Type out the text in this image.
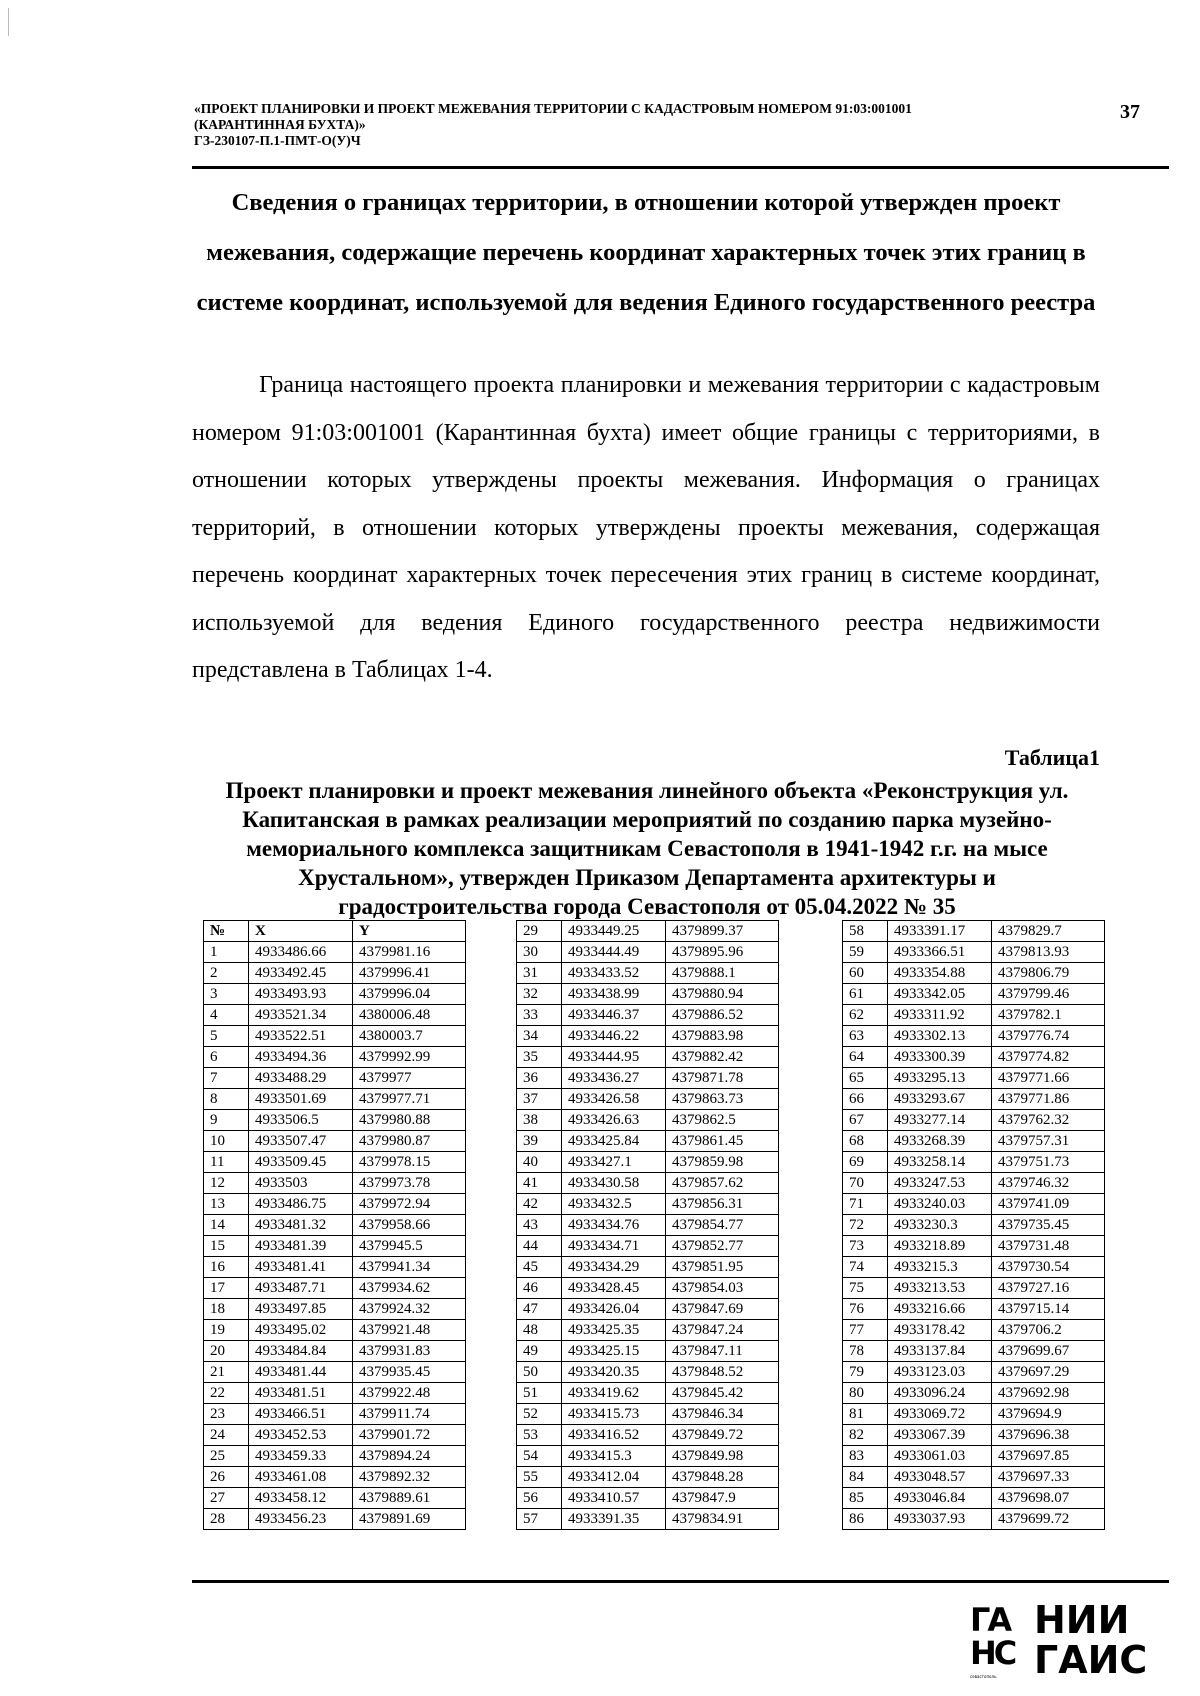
«ПРОЕКТ ПЛАНИРОВКИ И ПРОЕКТ МЕЖЕВАНИЯ ТЕРРИТОРИИ С КАДАСТРОВЫМ НОМЕРОМ 91:03:001001
(КАРАНТИННАЯ БУХТА)»
ГЗ-230107-П.1-ПМТ-О(У)Ч
37
Сведения о границах территории, в отношении которой утвержден проект межевания, содержащие перечень координат характерных точек этих границ в системе координат, используемой для ведения Единого государственного реестра

Граница настоящего проекта планировки и межевания территории с кадастровым номером 91:03:001001 (Карантинная бухта) имеет общие границы с территориями, в отношении которых утверждены проекты межевания. Информация о границах территорий, в отношении которых утверждены проекты межевания, содержащая перечень координат характерных точек пересечения этих границ в системе координат, используемой для ведения Единого государственного реестра недвижимости представлена в Таблицах 1-4.

Таблица1

Проект планировки и проект межевания линейного объекта «Реконструкция ул. Капитанская в рамках реализации мероприятий по созданию парка музейно-мемориального комплекса защитникам Севастополя в 1941-1942 г.г. на мысе Хрустальном», утвержден Приказом Департамента архитектуры и градостроительства города Севастополя от 05.04.2022 № 35

№	X	Y
1	4933486.66	4379981.16
2	4933492.45	4379996.41
3	4933493.93	4379996.04
4	4933521.34	4380006.48
5	4933522.51	4380003.7
6	4933494.36	4379992.99
7	4933488.29	4379977
8	4933501.69	4379977.71
9	4933506.5	4379980.88
10	4933507.47	4379980.87
11	4933509.45	4379978.15
12	4933503	4379973.78
13	4933486.75	4379972.94
14	4933481.32	4379958.66
15	4933481.39	4379945.5
16	4933481.41	4379941.34
17	4933487.71	4379934.62
18	4933497.85	4379924.32
19	4933495.02	4379921.48
20	4933484.84	4379931.83
21	4933481.44	4379935.45
22	4933481.51	4379922.48
23	4933466.51	4379911.74
24	4933452.53	4379901.72
25	4933459.33	4379894.24
26	4933461.08	4379892.32
27	4933458.12	4379889.61
28	4933456.23	4379891.69
29	4933449.25	4379899.37
30	4933444.49	4379895.96
31	4933433.52	4379888.1
32	4933438.99	4379880.94
33	4933446.37	4379886.52
34	4933446.22	4379883.98
35	4933444.95	4379882.42
36	4933436.27	4379871.78
37	4933426.58	4379863.73
38	4933426.63	4379862.5
39	4933425.84	4379861.45
40	4933427.1	4379859.98
41	4933430.58	4379857.62
42	4933432.5	4379856.31
43	4933434.76	4379854.77
44	4933434.71	4379852.77
45	4933434.29	4379851.95
46	4933428.45	4379854.03
47	4933426.04	4379847.69
48	4933425.35	4379847.24
49	4933425.15	4379847.11
50	4933420.35	4379848.52
51	4933419.62	4379845.42
52	4933415.73	4379846.34
53	4933416.52	4379849.72
54	4933415.3	4379849.98
55	4933412.04	4379848.28
56	4933410.57	4379847.9
57	4933391.35	4379834.91
58	4933391.17	4379829.7
59	4933366.51	4379813.93
60	4933354.88	4379806.79
61	4933342.05	4379799.46
62	4933311.92	4379782.1
63	4933302.13	4379776.74
64	4933300.39	4379774.82
65	4933295.13	4379771.66
66	4933293.67	4379771.86
67	4933277.14	4379762.32
68	4933268.39	4379757.31
69	4933258.14	4379751.73
70	4933247.53	4379746.32
71	4933240.03	4379741.09
72	4933230.3	4379735.45
73	4933218.89	4379731.48
74	4933215.3	4379730.54
75	4933213.53	4379727.16
76	4933216.66	4379715.14
77	4933178.42	4379706.2
78	4933137.84	4379699.67
79	4933123.03	4379697.29
80	4933096.24	4379692.98
81	4933069.72	4379694.9
82	4933067.39	4379696.38
83	4933061.03	4379697.85
84	4933048.57	4379697.33
85	4933046.84	4379698.07
86	4933037.93	4379699.72
ГА
НС
севастополь
НИИ
ГАИС
